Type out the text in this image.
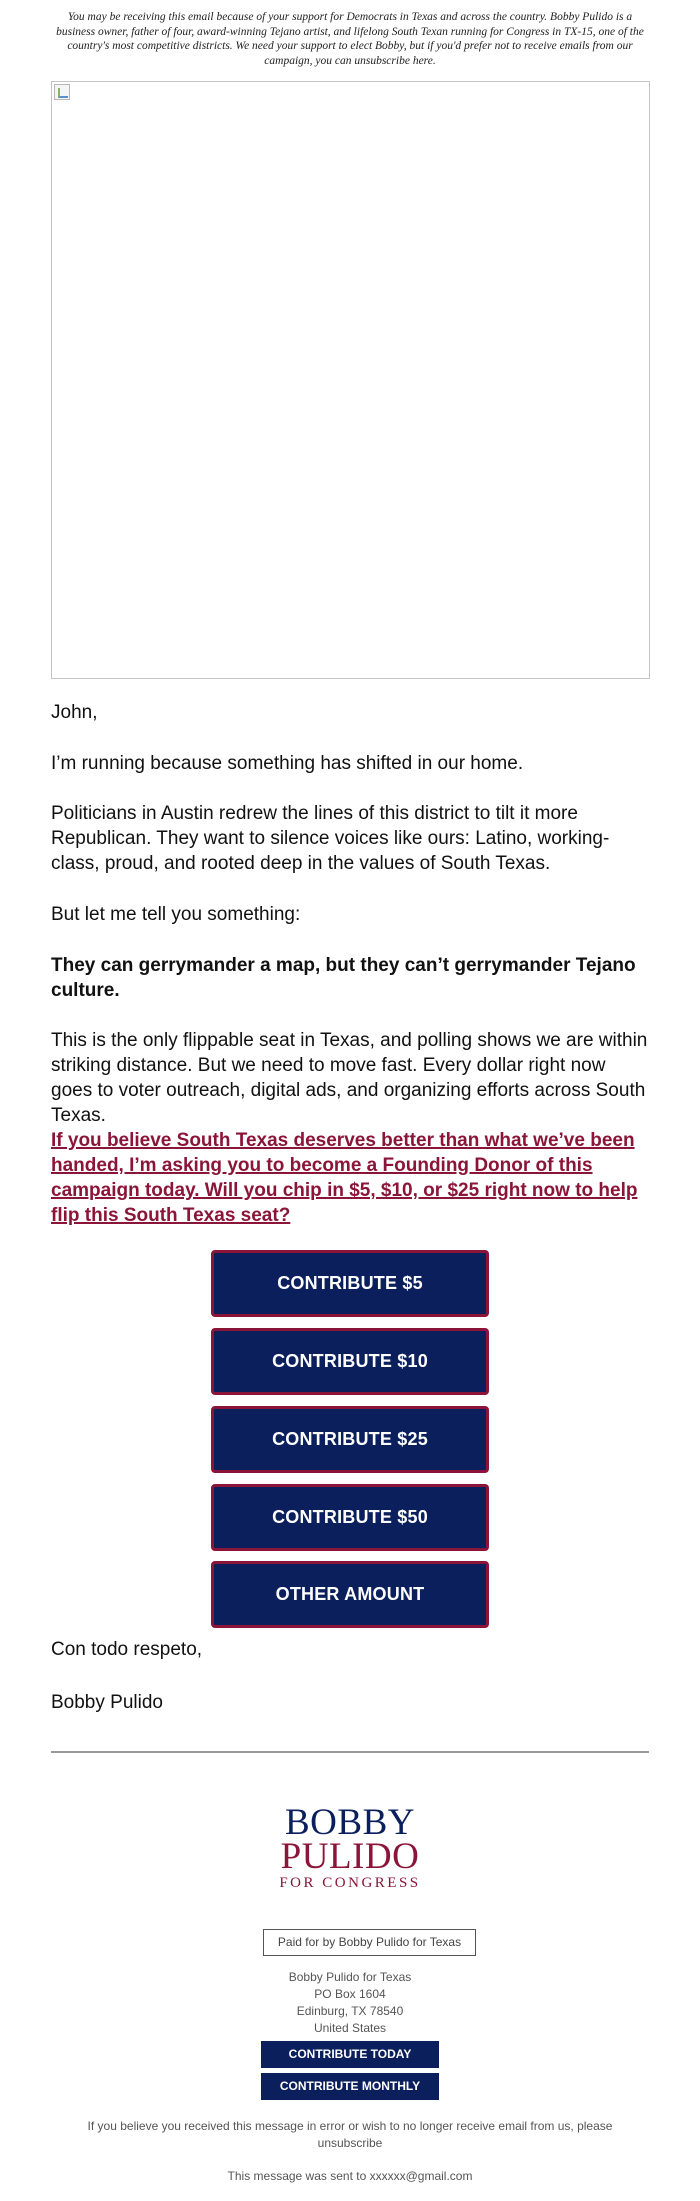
You may be receiving this email because of your support for Democrats in Texas and across the country. Bobby Pulido is a business owner, father of four, award-winning Tejano artist, and lifelong South Texan running for Congress in TX-15, one of the country's most competitive districts. We need your support to elect Bobby, but if you'd prefer not to receive emails from our campaign, you can unsubscribe here.

John,

I’m running because something has shifted in our home.

Politicians in Austin redrew the lines of this district to tilt it more Republican. They want to silence voices like ours: Latino, working-class, proud, and rooted deep in the values of South Texas.

But let me tell you something:

They can gerrymander a map, but they can’t gerrymander Tejano culture.

This is the only flippable seat in Texas, and polling shows we are within striking distance. But we need to move fast. Every dollar right now goes to voter outreach, digital ads, and organizing efforts across South Texas.

If you believe South Texas deserves better than what we’ve been handed, I’m asking you to become a Founding Donor of this campaign today. Will you chip in $5, $10, or $25 right now to help flip this South Texas seat?
CONTRIBUTE $5
CONTRIBUTE $10
CONTRIBUTE $25
CONTRIBUTE $50
OTHER AMOUNT

Con todo respeto,

Bobby Pulido

BOBBY
PULIDO
FOR CONGRESS
Paid for by Bobby Pulido for Texas
Bobby Pulido for Texas
PO Box 1604
Edinburg, TX 78540
United States
CONTRIBUTE TODAY
CONTRIBUTE MONTHLY

If you believe you received this message in error or wish to no longer receive email from us, please unsubscribe

This message was sent to xxxxxx@gmail.com
